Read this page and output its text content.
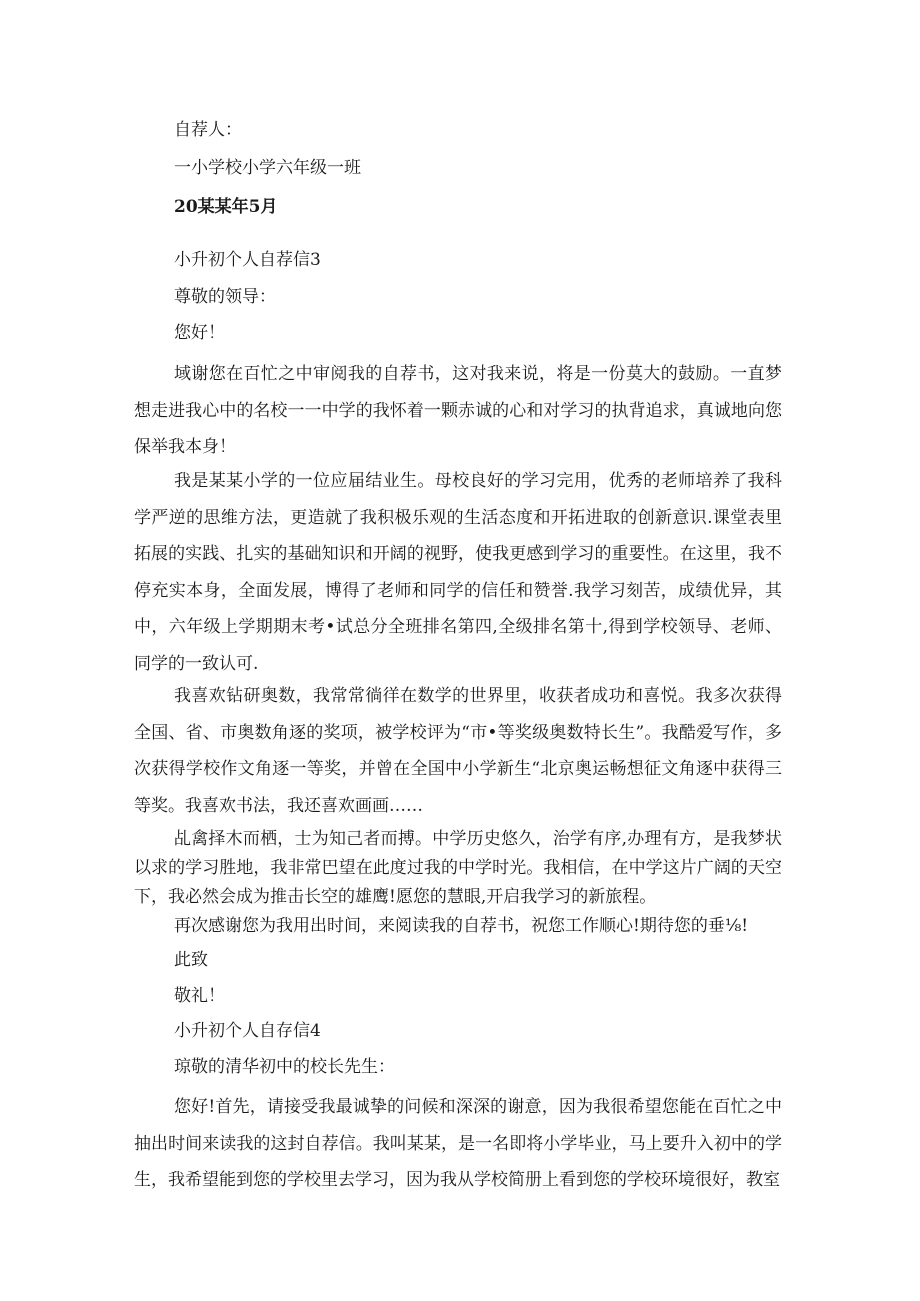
自荐人：

一小学校小学六年级一班

20某某年5月

小升初个人自荐信3

尊敬的领导：

您好！

域谢您在百忙之中审阅我的自荐书，这对我来说，将是一份莫大的鼓励。一直梦想走进我心中的名校一一中学的我怀着一颗赤诚的心和对学习的执背追求，真诚地向您保举我本身！

我是某某小学的一位应届结业生。母校良好的学习完用，优秀的老师培养了我科学严逆的思维方法，更造就了我积极乐观的生活态度和开拓进取的创新意识.课堂表里拓展的实践、扎实的基础知识和开阔的视野，使我更感到学习的重要性。在这里，我不停充实本身，全面发展，博得了老师和同学的信任和赞誉.我学习刻苦，成绩优异，其中，六年级上学期期末考•试总分全班排名第四,全级排名第十,得到学校领导、老师、同学的一致认可.

我喜欢钻研奥数，我常常徜徉在数学的世界里，收获者成功和喜悦。我多次获得全国、省、市奥数角逐的奖项，被学校评为“市•等奖级奥数特长生”。我酷爱写作，多次获得学校作文角逐一等奖，并曾在全国中小学新生“北京奥运畅想征文角逐中获得三等奖。我喜欢书法，我还喜欢画画……

乩禽择木而栖，士为知己者而搏。中学历史悠久，治学有序,办理有方，是我梦状以求的学习胜地，我非常巴望在此度过我的中学时光。我相信，在中学这片广阔的天空下，我必然会成为推击长空的雄鹰!愿您的慧眼,开启我学习的新旅程。

再次感谢您为我用出时间，来阅读我的自荐书，祝您工作顺心!期待您的垂⅛!

此致

敬礼！

小升初个人自存信4

琼敬的清华初中的校长先生：

您好!首先，请接受我最诚挚的问候和深深的谢意，因为我很希望您能在百忙之中抽出时间来读我的这封自荐信。我叫某某，是一名即将小学毕业，马上要升入初中的学生，我希望能到您的学校里去学习，因为我从学校简册上看到您的学校环境很好，教室
